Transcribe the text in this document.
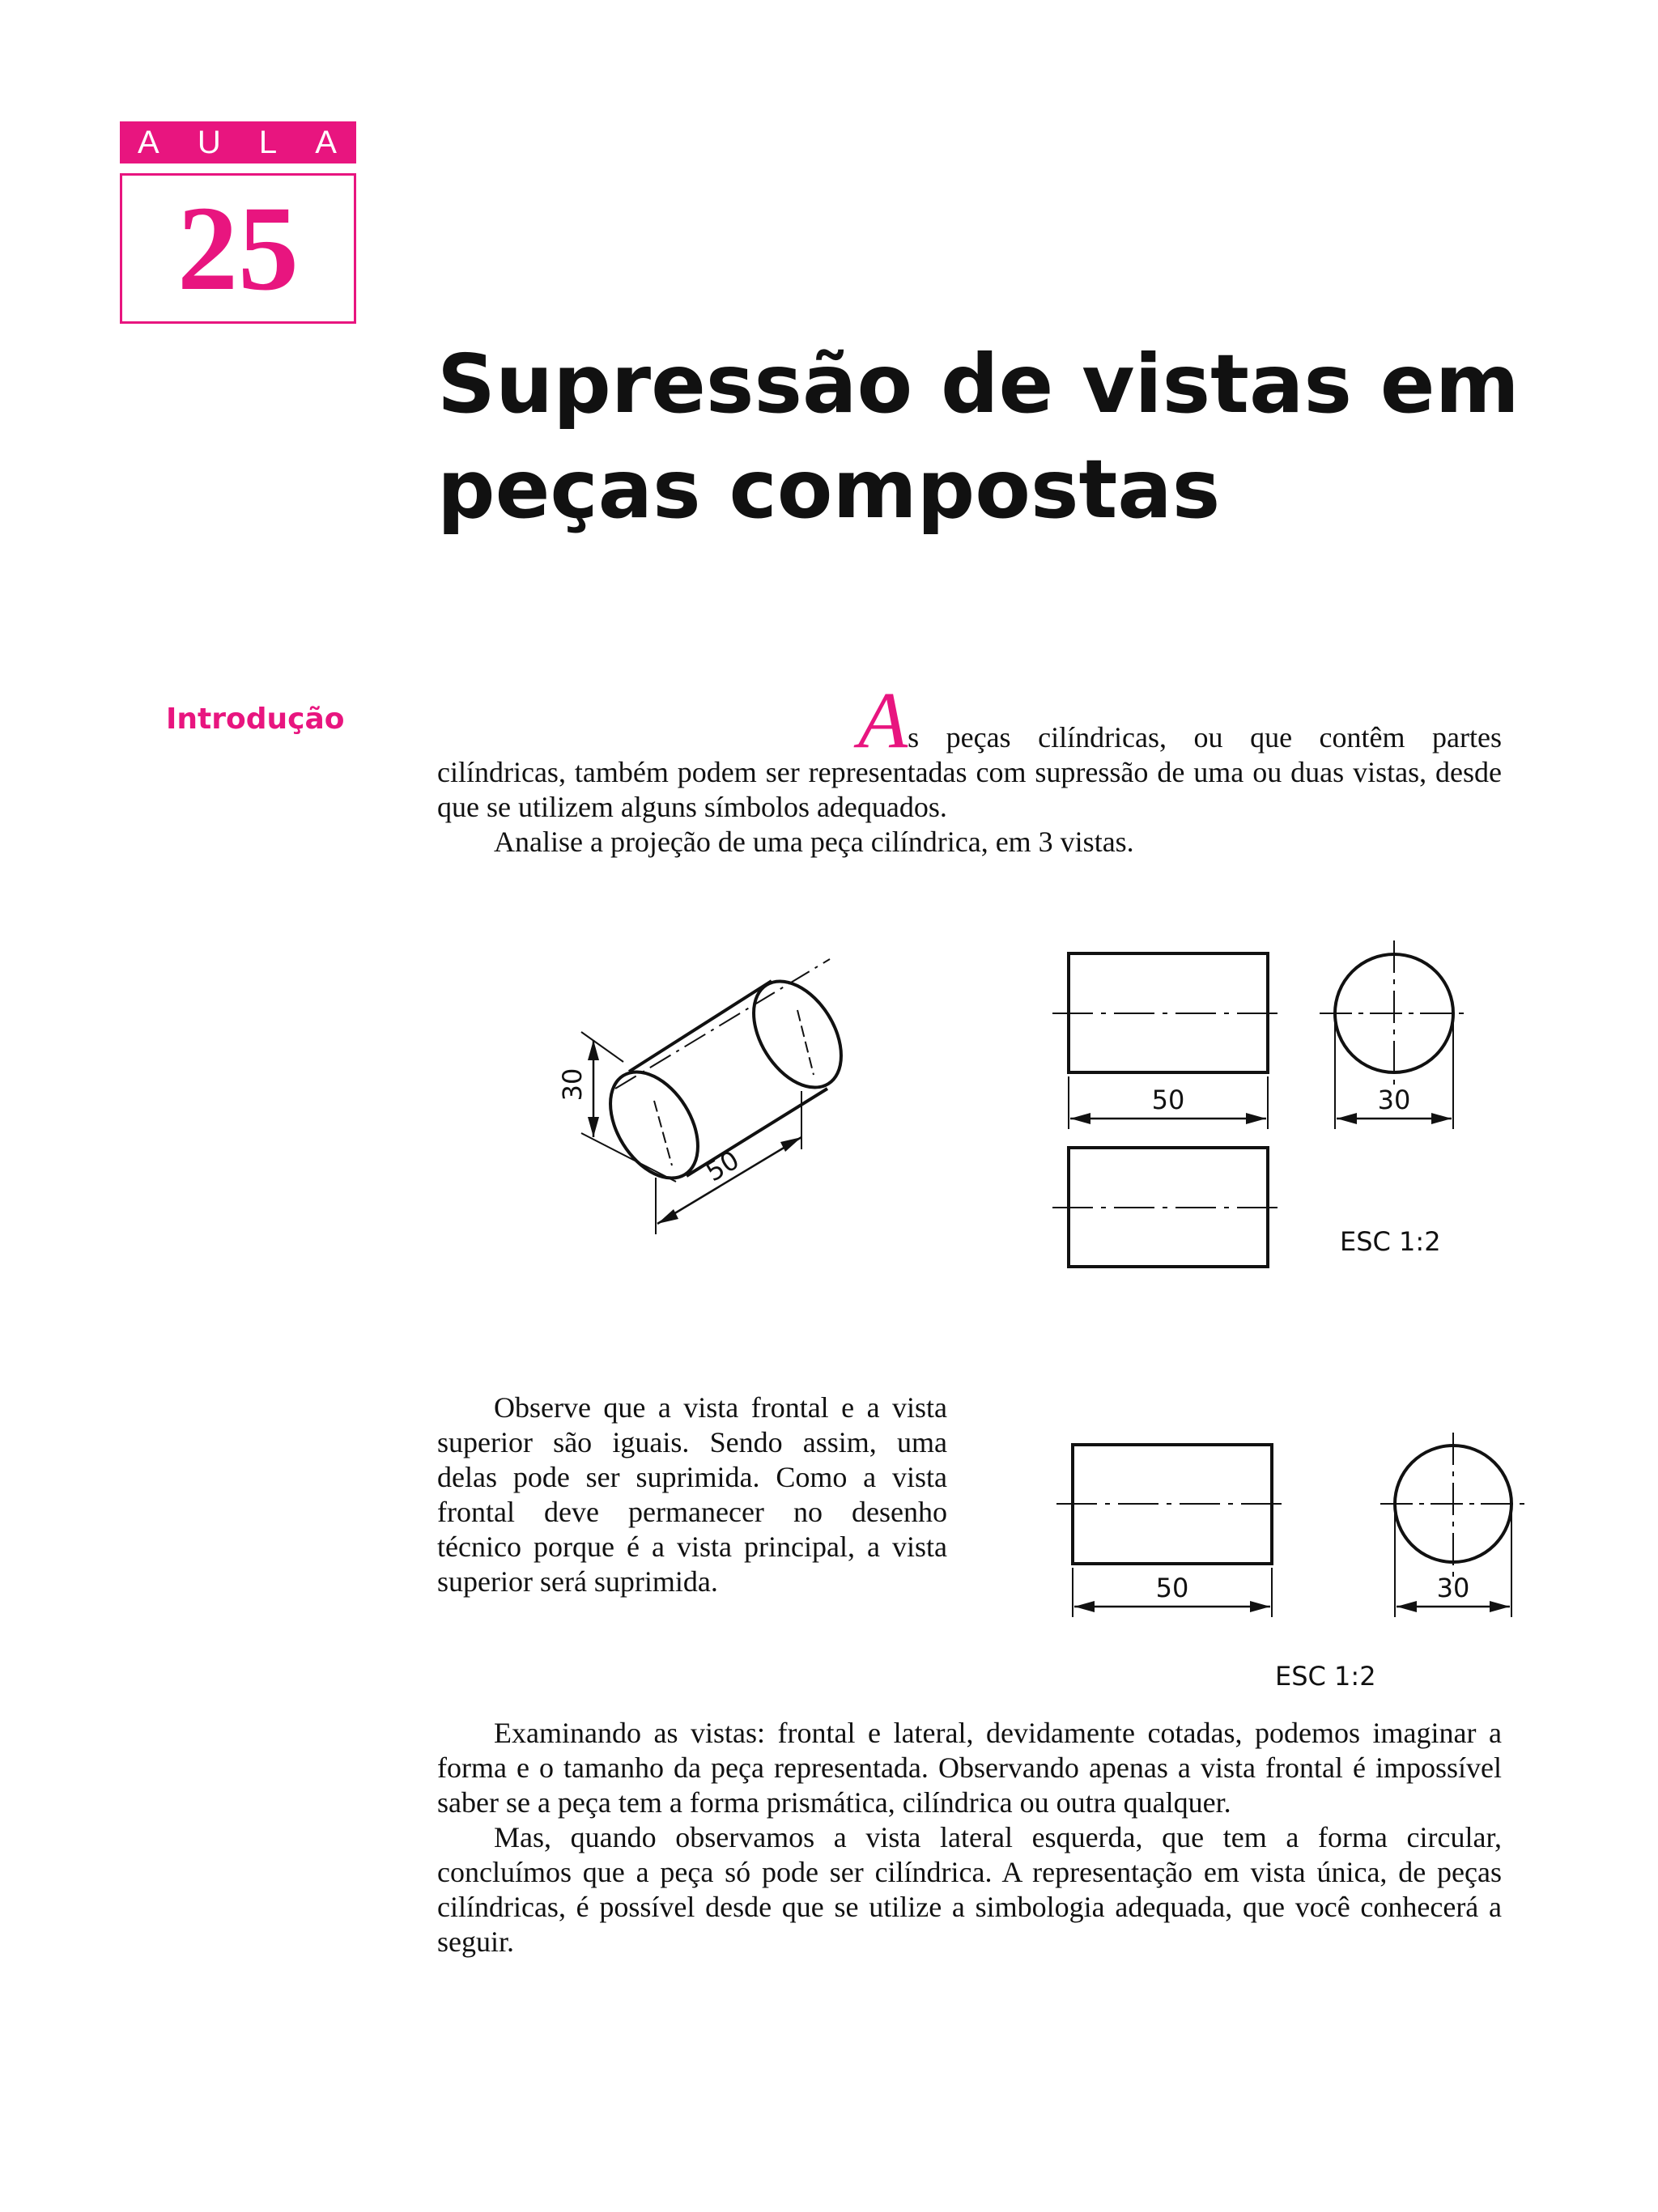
A U L A
25
Supressão de vistas em
peças compostas
Introdução	As peças cilíndricas, ou que contêm partes cilíndricas, também podem ser representadas com supressão de uma ou duas vistas, desde que se utilizem alguns símbolos adequados.

Analise a projeção de uma peça cilíndrica, em 3 vistas.

30
50
50	30
ESC 1:2
50	30
ESC 1:2

Observe que a vista frontal e a vista superior são iguais. Sendo assim, uma delas pode ser suprimida. Como a vista frontal deve permanecer no desenho técnico porque é a vista principal, a vista superior será suprimida.

Examinando as vistas: frontal e lateral, devidamente cotadas, podemos imaginar a forma e o tamanho da peça representada. Observando apenas a vista frontal é impossível saber se a peça tem a forma prismática, cilíndrica ou outra qualquer.

Mas, quando observamos a vista lateral esquerda, que tem a forma circular, concluímos que a peça só pode ser cilíndrica. A representação em vista única, de peças cilíndricas, é possível desde que se utilize a simbologia adequada, que você conhecerá a seguir.
